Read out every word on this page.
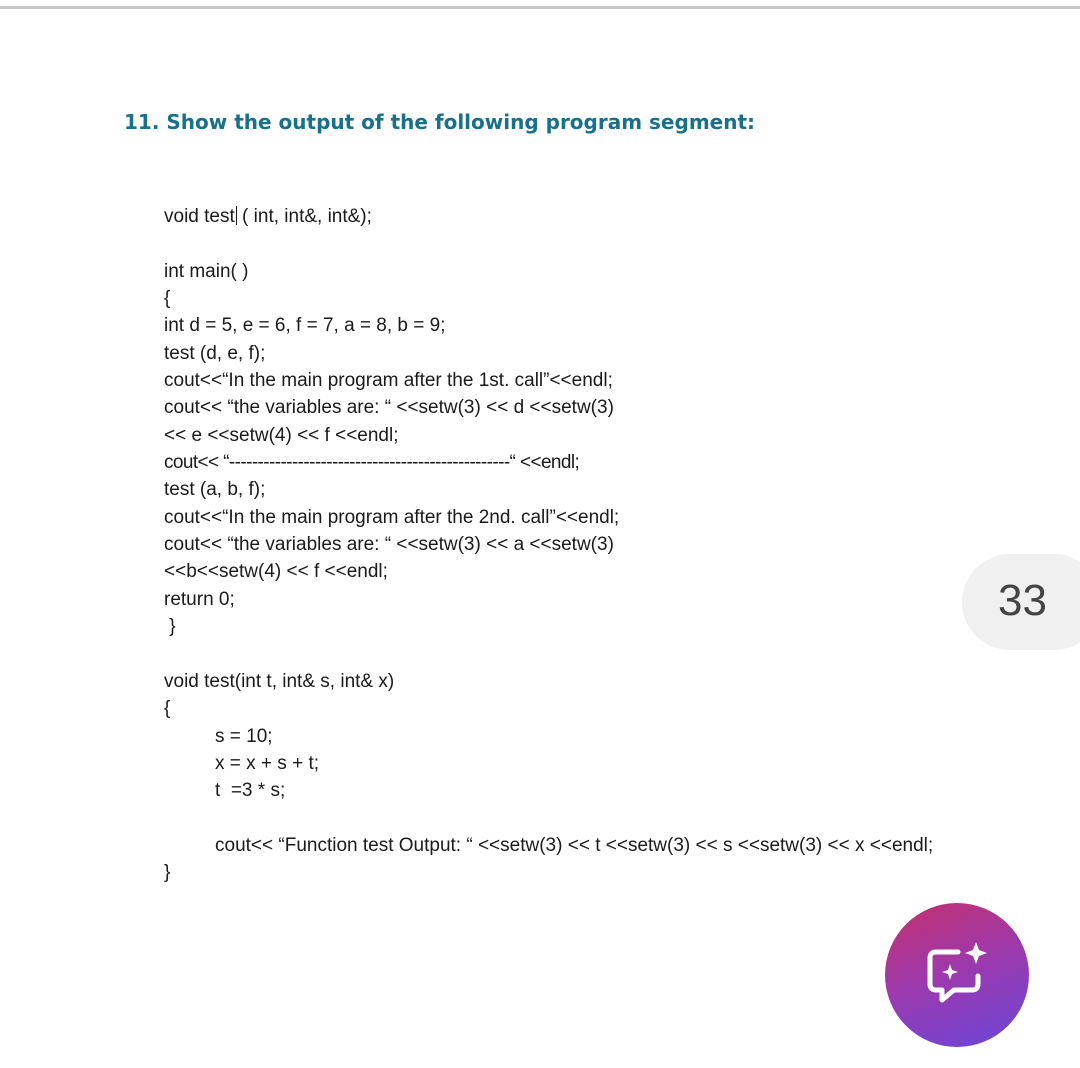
11. Show the output of the following program segment:
void test ( int, int&, int&);
int main( )
{
int d = 5, e = 6, f = 7, a = 8, b = 9;
test (d, e, f);
cout<<“In the main program after the 1st. call”<<endl;
cout<< “the variables are: “ <<setw(3) << d <<setw(3)
<< e <<setw(4) << f <<endl;
cout<< “-------------------------------------------------“ <<endl;
test (a, b, f);
cout<<“In the main program after the 2nd. call”<<endl;
cout<< “the variables are: “ <<setw(3) << a <<setw(3)
<<b<<setw(4) << f <<endl;
return 0;
}
void test(int t, int& s, int& x)
{
s = 10;
x = x + s + t;
t  =3 * s;
cout<< “Function test Output: “ <<setw(3) << t <<setw(3) << s <<setw(3) << x <<endl;
}
33
